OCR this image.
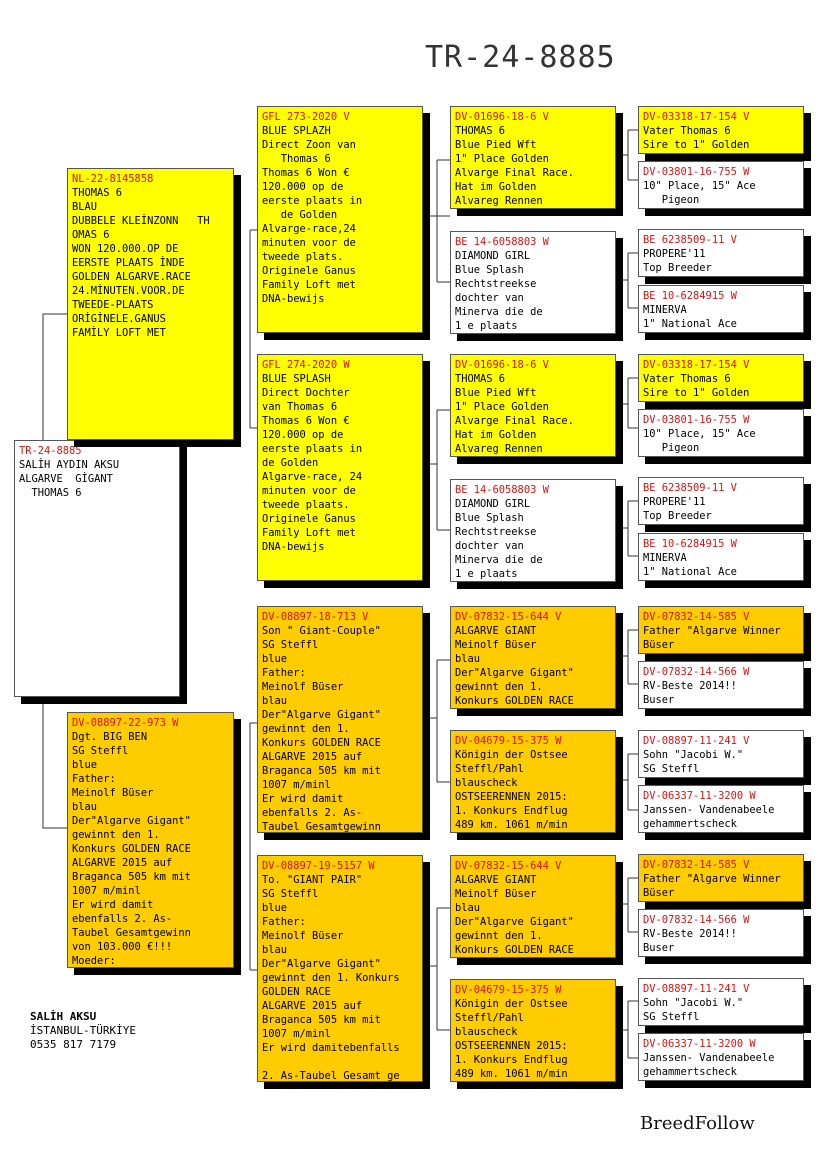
TR-24-8885
TR-24-8885
SALİH AYDIN AKSU
ALGARVE  GİGANT
THOMAS 6
NL-22-8145858
THOMAS 6
BLAU
DUBBELE KLEİNZONN   TH
OMAS 6
WON 120.000.OP DE
EERSTE PLAATS İNDE
GOLDEN ALGARVE.RACE
24.MİNUTEN.VOOR.DE
TWEEDE-PLAATS
ORİGİNELE.GANUS
FAMİLY LOFT MET
DV-08897-22-973 W
Dgt. BIG BEN
SG Steffl
blue
Father:
Meinolf Büser
blau
Der"Algarve Gigant"
gewinnt den 1.
Konkurs GOLDEN RACE
ALGARVE 2015 auf
Braganca 505 km mit
1007 m/minl
Er wird damit
ebenfalls 2. As-
Taubel Gesamtgewinn
von 103.000 €!!!
Moeder:
GFL 273-2020 V
BLUE SPLAZH
Direct Zoon van
Thomas 6
Thomas 6 Won €
120.000 op de
eerste plaats in
de Golden
Alvarge-race,24
minuten voor de
tweede plats.
Originele Ganus
Family Loft met
DNA-bewijs
GFL 274-2020 W
BLUE SPLASH
Direct Dochter
van Thomas 6
Thomas 6 Won €
120.000 op de
eerste plaats in
de Golden
Algarve-race, 24
minuten voor de
tweede plaats.
Originele Ganus
Family Loft met
DNA-bewijs
DV-08897-18-713 V
Son " Giant-Couple"
SG Steffl
blue
Father:
Meinolf Büser
blau
Der"Algarve Gigant"
gewinnt den 1.
Konkurs GOLDEN RACE
ALGARVE 2015 auf
Braganca 505 km mit
1007 m/minl
Er wird damit
ebenfalls 2. As-
Taubel Gesamtgewinn
DV-08897-19-5157 W
To. "GIANT PAIR"
SG Steffl
blue
Father:
Meinolf Büser
blau
Der"Algarve Gigant"
gewinnt den 1. Konkurs
GOLDEN RACE
ALGARVE 2015 auf
Braganca 505 km mit
1007 m/minl
Er wird damitebenfalls

2. As-Taubel Gesamt ge
DV-01696-18-6 V
THOMAS 6
Blue Pied Wft
1" Place Golden
Alvarge Final Race.
Hat im Golden
Alvareg Rennen
BE 14-6058803 W
DIAMOND GIRL
Blue Splash
Rechtstreekse
dochter van
Minerva die de
1 e plaats
DV-01696-18-6 V
THOMAS 6
Blue Pied Wft
1" Place Golden
Alvarge Final Race.
Hat im Golden
Alvareg Rennen
BE 14-6058803 W
DIAMOND GIRL
Blue Splash
Rechtstreekse
dochter van
Minerva die de
1 e plaats
DV-07832-15-644 V
ALGARVE GIANT
Meinolf Büser
blau
Der"Algarve Gigant"
gewinnt den 1.
Konkurs GOLDEN RACE
DV-04679-15-375 W
Königin der Ostsee
Steffl/Pahl
blauscheck
OSTSEERENNEN 2015:
1. Konkurs Endflug
489 km. 1061 m/min
DV-07832-15-644 V
ALGARVE GIANT
Meinolf Büser
blau
Der"Algarve Gigant"
gewinnt den 1.
Konkurs GOLDEN RACE
DV-04679-15-375 W
Königin der Ostsee
Steffl/Pahl
blauscheck
OSTSEERENNEN 2015:
1. Konkurs Endflug
489 km. 1061 m/min
DV-03318-17-154 V
Vater Thomas 6
Sire to 1" Golden
DV-03801-16-755 W
10" Place, 15" Ace
Pigeon
BE 6238509-11 V
PROPERE'11
Top Breeder
BE 10-6284915 W
MINERVA
1" National Ace
DV-03318-17-154 V
Vater Thomas 6
Sire to 1" Golden
DV-03801-16-755 W
10" Place, 15" Ace
Pigeon
BE 6238509-11 V
PROPERE'11
Top Breeder
BE 10-6284915 W
MINERVA
1" National Ace
DV-07832-14-585 V
Father "Algarve Winner
Büser
DV-07832-14-566 W
RV-Beste 2014!!
Buser
DV-08897-11-241 V
Sohn "Jacobi W."
SG Steffl
DV-06337-11-3200 W
Janssen- Vandenabeele
gehammertscheck
DV-07832-14-585 V
Father "Algarve Winner
Büser
DV-07832-14-566 W
RV-Beste 2014!!
Buser
DV-08897-11-241 V
Sohn "Jacobi W."
SG Steffl
DV-06337-11-3200 W
Janssen- Vandenabeele
gehammertscheck
SALİH AKSU
İSTANBUL-TÜRKİYE
0535 817 7179
BreedFollow
